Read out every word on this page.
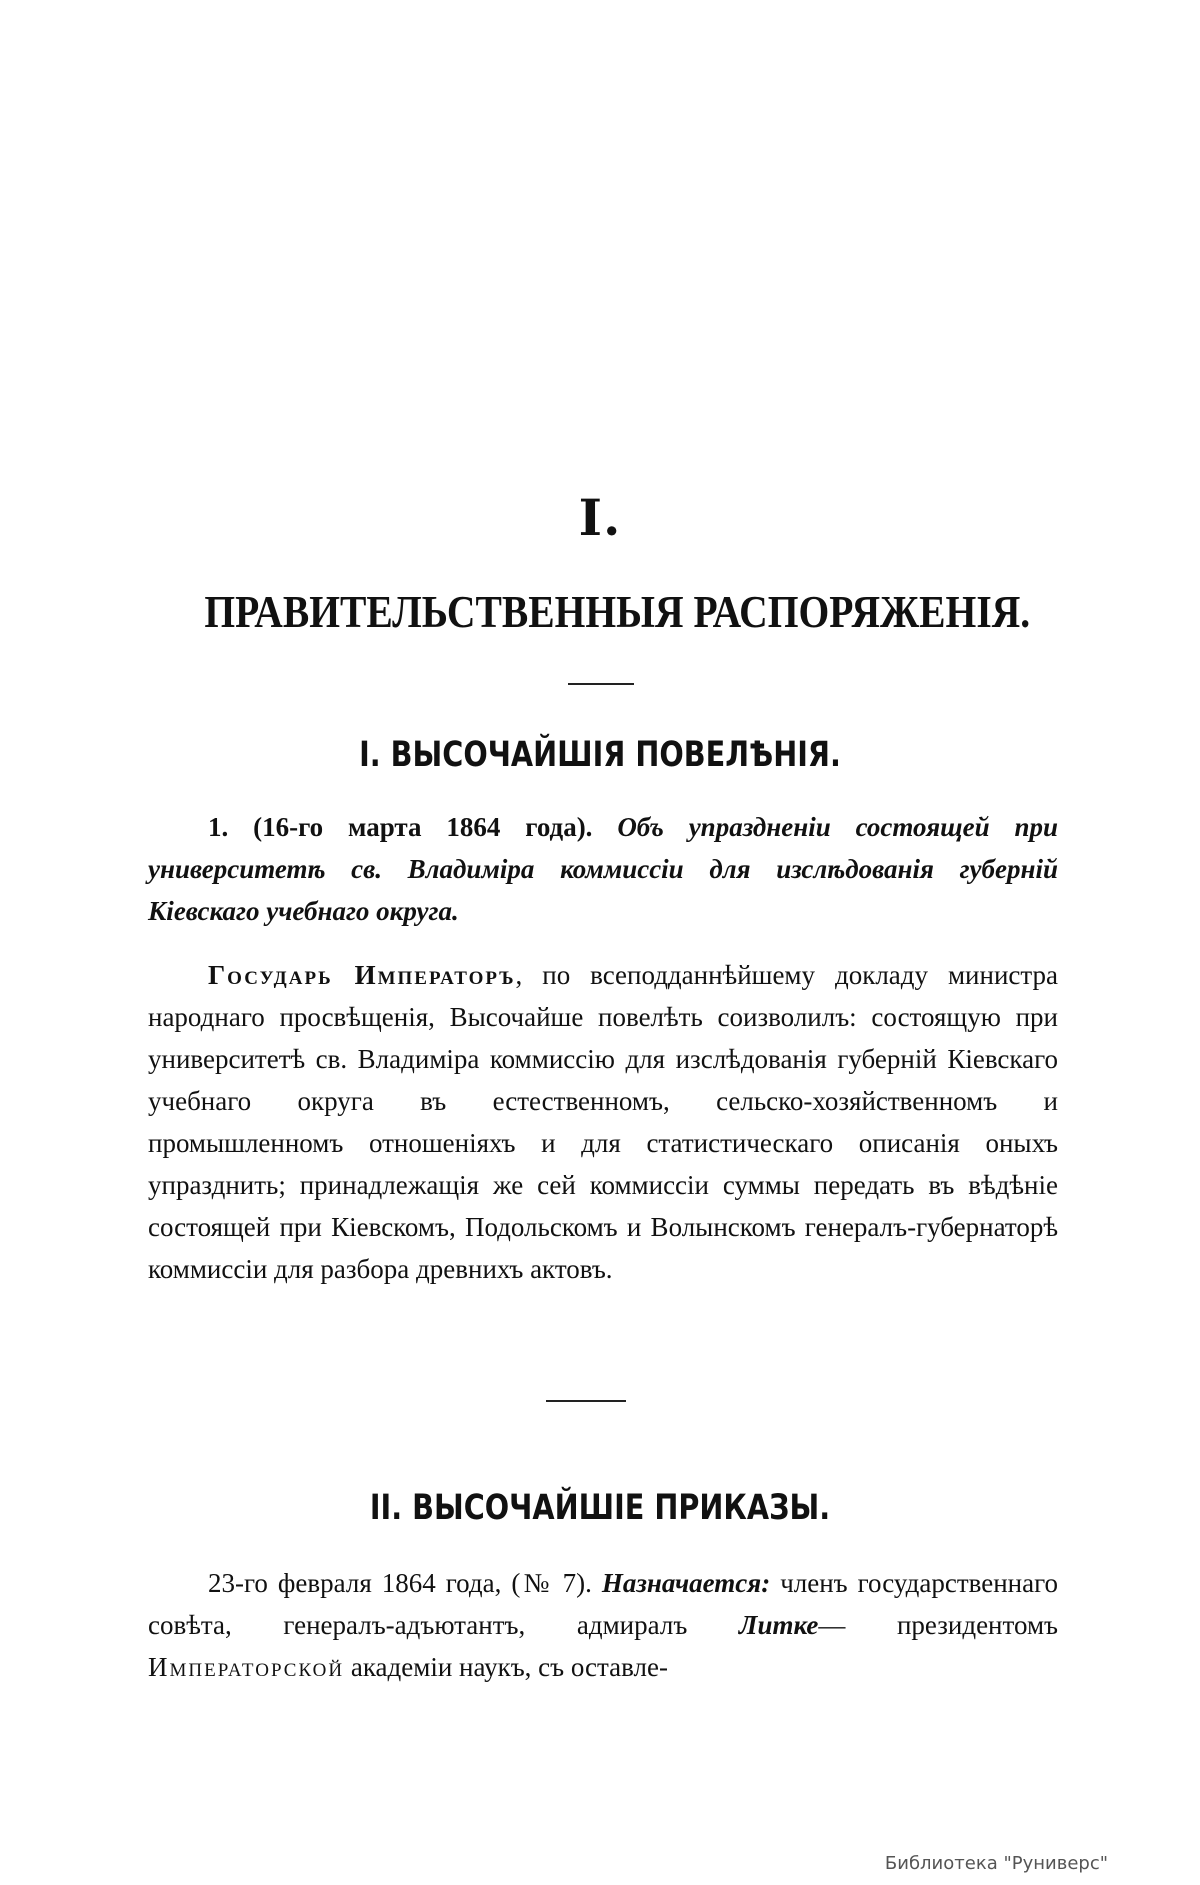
I.
ПРАВИТЕЛЬСТВЕННЫЯ РАСПОРЯЖЕНІЯ.
I. ВЫСОЧАЙШІЯ ПОВЕЛѢНІЯ.
1. (16-го марта 1864 года). Объ упраздненіи состоящей при университетѣ св. Владиміра коммиссіи для изслѣдованія губерній Кіевскаго учебнаго округа.
Государь Императоръ, по всеподданнѣйшему докладу министра народнаго просвѣщенія, Высочайше повелѣть соизволилъ: состоящую при университетѣ св. Владиміра коммиссію для изслѣдованія губерній Кіевскаго учебнаго округа въ естественномъ, сельско-хозяйственномъ и промышленномъ отношеніяхъ и для статистическаго описанія оныхъ упразднить; принадлежащія же сей коммиссіи суммы передать въ вѣдѣніе состоящей при Кіевскомъ, Подольскомъ и Волынскомъ генералъ-губернаторѣ коммиссіи для разбора древнихъ актовъ.
II. ВЫСОЧАЙШІЕ ПРИКАЗЫ.
23-го февраля 1864 года, (№ 7). Назначается: членъ государственнаго совѣта, генералъ-адъютантъ, адмиралъ Литке— президентомъ Императорской академіи наукъ, съ оставле-
Библиотека "Руниверс"
